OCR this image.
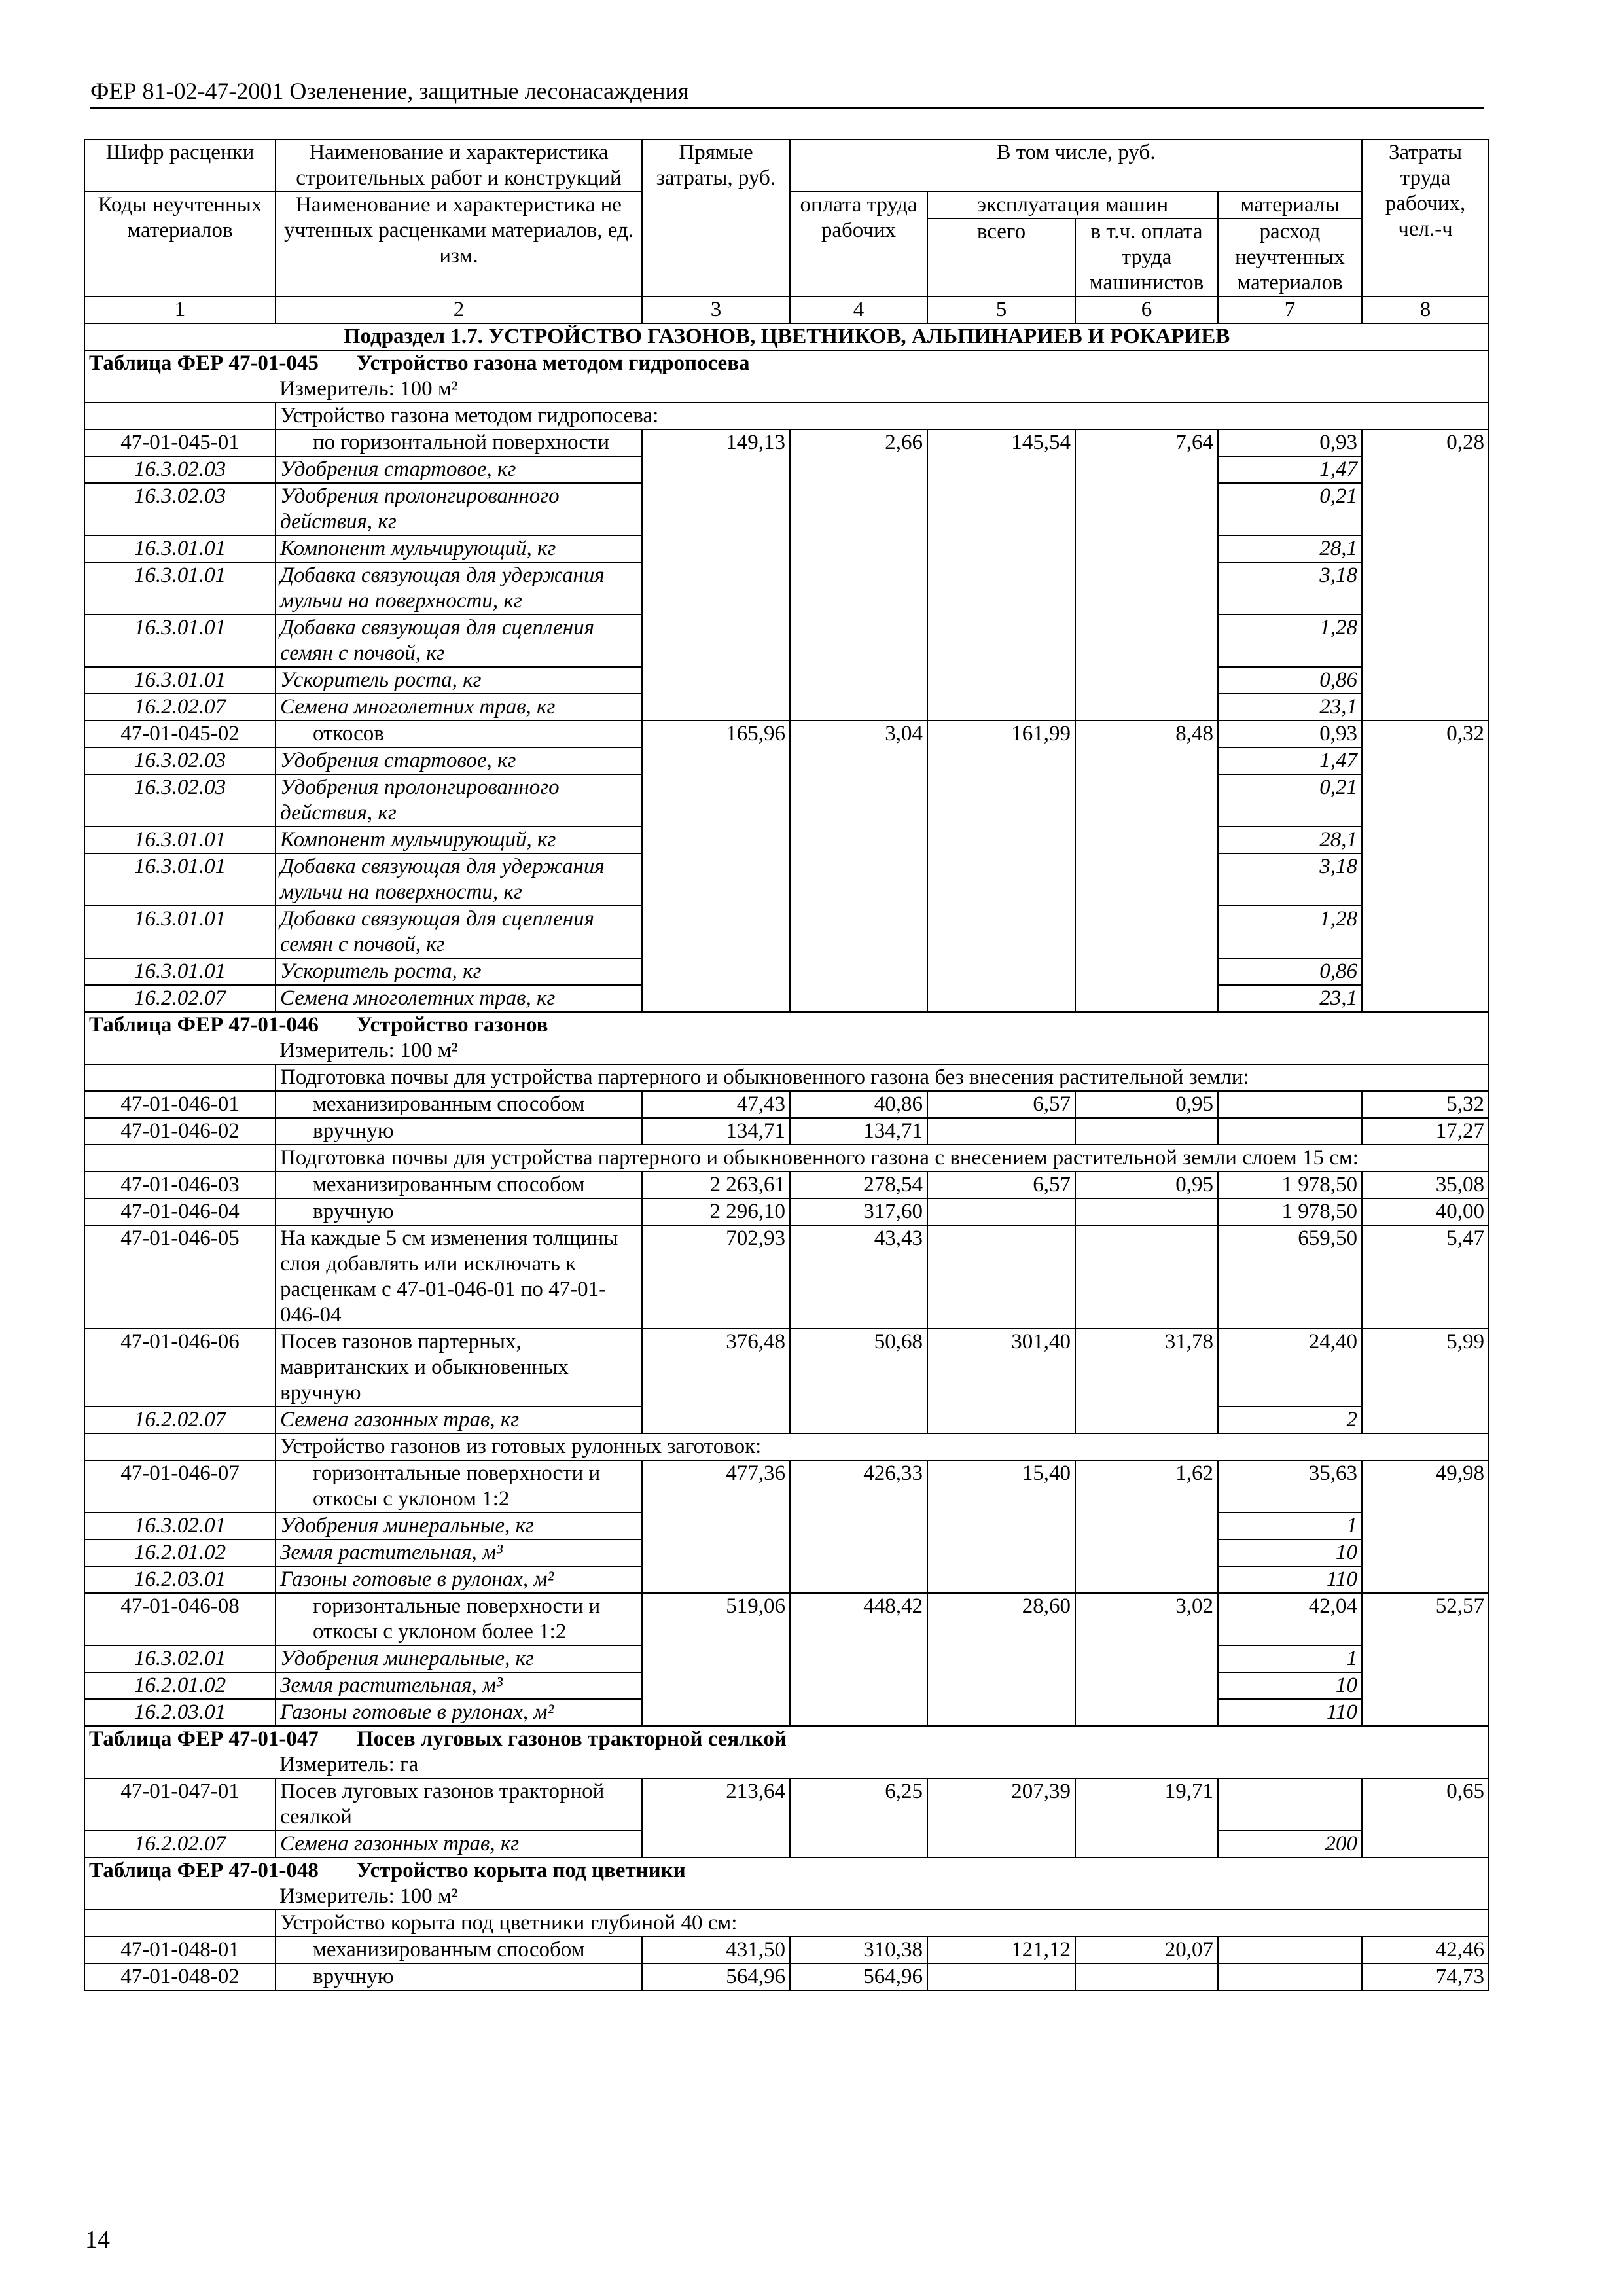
ФЕР 81-02-47-2001 Озеленение, защитные лесонасаждения
Шифр расценки	Наименование и характеристика строительных работ и конструкций	Прямые затраты, руб.	В том числе, руб.				Затраты труда рабочих, чел.-ч
Коды неучтенных материалов	Наименование и характеристика не учтенных расценками материалов, ед. изм.		оплата труда рабочих	эксплуатация машин		материалы	
				всего	в т.ч. оплата труда машинистов	расход неучтенных материалов	
1	2	3	4	5	6	7	8
Подраздел 1.7. УСТРОЙСТВО ГАЗОНОВ, ЦВЕТНИКОВ, АЛЬПИНАРИЕВ И РОКАРИЕВ							
Таблица ФЕР 47-01-045 Устройство газона методом гидропосева							
	Измеритель: 100 м²						
	Устройство газона методом гидропосева:						
47-01-045-01	по горизонтальной поверхности	149,13	2,66	145,54	7,64	0,93	0,28
16.3.02.03	Удобрения стартовое, кг					1,47	
16.3.02.03	Удобрения пролонгированного действия, кг					0,21	
16.3.01.01	Компонент мульчирующий, кг					28,1	
16.3.01.01	Добавка связующая для удержания мульчи на поверхности, кг					3,18	
16.3.01.01	Добавка связующая для сцепления семян с почвой, кг					1,28	
16.3.01.01	Ускоритель роста, кг					0,86	
16.2.02.07	Семена многолетних трав, кг					23,1	
47-01-045-02	откосов	165,96	3,04	161,99	8,48	0,93	0,32
16.3.02.03	Удобрения стартовое, кг					1,47	
16.3.02.03	Удобрения пролонгированного действия, кг					0,21	
16.3.01.01	Компонент мульчирующий, кг					28,1	
16.3.01.01	Добавка связующая для удержания мульчи на поверхности, кг					3,18	
16.3.01.01	Добавка связующая для сцепления семян с почвой, кг					1,28	
16.3.01.01	Ускоритель роста, кг					0,86	
16.2.02.07	Семена многолетних трав, кг					23,1	
Таблица ФЕР 47-01-046 Устройство газонов							
	Измеритель: 100 м²						
	Подготовка почвы для устройства партерного и обыкновенного газона без внесения растительной земли:						
47-01-046-01	механизированным способом	47,43	40,86	6,57	0,95		5,32
47-01-046-02	вручную	134,71	134,71				17,27
	Подготовка почвы для устройства партерного и обыкновенного газона с внесением растительной земли слоем 15 см:						
47-01-046-03	механизированным способом	2 263,61	278,54	6,57	0,95	1 978,50	35,08
47-01-046-04	вручную	2 296,10	317,60			1 978,50	40,00
47-01-046-05	На каждые 5 см изменения толщины слоя добавлять или исключать к расценкам с 47-01-046-01 по 47-01-046-04	702,93	43,43			659,50	5,47
47-01-046-06	Посев газонов партерных, мавританских и обыкновенных вручную	376,48	50,68	301,40	31,78	24,40	5,99
16.2.02.07	Семена газонных трав, кг					2	
	Устройство газонов из готовых рулонных заготовок:						
47-01-046-07	горизонтальные поверхности и откосы с уклоном 1:2	477,36	426,33	15,40	1,62	35,63	49,98
16.3.02.01	Удобрения минеральные, кг					1	
16.2.01.02	Земля растительная, м³					10	
16.2.03.01	Газоны готовые в рулонах, м²					110	
47-01-046-08	горизонтальные поверхности и откосы с уклоном более 1:2	519,06	448,42	28,60	3,02	42,04	52,57
16.3.02.01	Удобрения минеральные, кг					1	
16.2.01.02	Земля растительная, м³					10	
16.2.03.01	Газоны готовые в рулонах, м²					110	
Таблица ФЕР 47-01-047 Посев луговых газонов тракторной сеялкой							
	Измеритель: га						
47-01-047-01	Посев луговых газонов тракторной сеялкой	213,64	6,25	207,39	19,71		0,65
16.2.02.07	Семена газонных трав, кг					200	
Таблица ФЕР 47-01-048 Устройство корыта под цветники							
	Измеритель: 100 м²						
	Устройство корыта под цветники глубиной 40 см:						
47-01-048-01	механизированным способом	431,50	310,38	121,12	20,07		42,46
47-01-048-02	вручную	564,96	564,96				74,73
14
